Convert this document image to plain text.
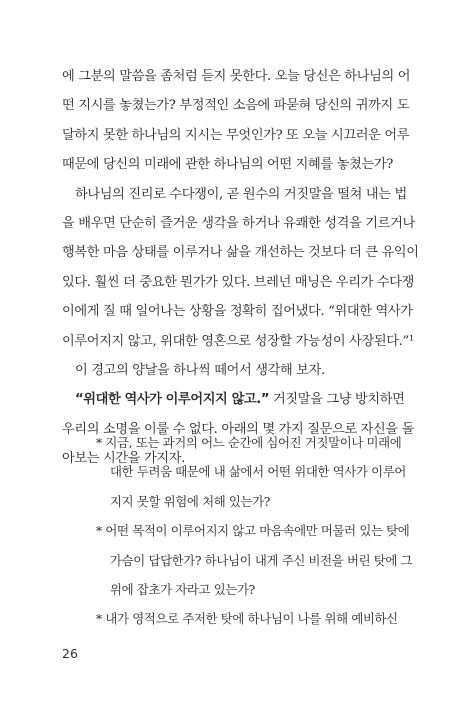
에 그분의 말씀을 좀처럼 듣지 못한다. 오늘 당신은 하나님의 어
떤 지시를 놓쳤는가? 부정적인 소음에 파묻혀 당신의 귀까지 도
달하지 못한 하나님의 지시는 무엇인가? 또 오늘 시끄러운 어루
때문에 당신의 미래에 관한 하나님의 어떤 지혜를 놓쳤는가?
하나님의 진리로 수다쟁이, 곧 원수의 거짓말을 떨쳐 내는 법
을 배우면 단순히 즐거운 생각을 하거나 유쾌한 성격을 기르거나
행복한 마음 상태를 이루거나 삶을 개선하는 것보다 더 큰 유익이
있다. 훨씬 더 중요한 뭔가가 있다. 브레넌 매닝은 우리가 수다쟁
이에게 질 때 일어나는 상황을 정확히 집어냈다. “위대한 역사가
이루어지지 않고, 위대한 영혼으로 성장할 가능성이 사장된다.”¹
이 경고의 양날을 하나씩 떼어서 생각해 보자.
“위대한 역사가 이루어지지 않고.” 거짓말을 그냥 방치하면
우리의 소명을 이룰 수 없다. 아래의 몇 가지 질문으로 자신을 돌
아보는 시간을 가지자.
* 지금, 또는 과거의 어느 순간에 심어진 거짓말이나 미래에
대한 두려움 때문에 내 삶에서 어떤 위대한 역사가 이루어
지지 못할 위험에 처해 있는가?
* 어떤 목적이 이루어지지 않고 마음속에만 머물러 있는 탓에
가슴이 답답한가? 하나님이 내게 주신 비전을 버린 탓에 그
위에 잡초가 자라고 있는가?
* 내가 영적으로 주저한 탓에 하나님이 나를 위해 예비하신
26
